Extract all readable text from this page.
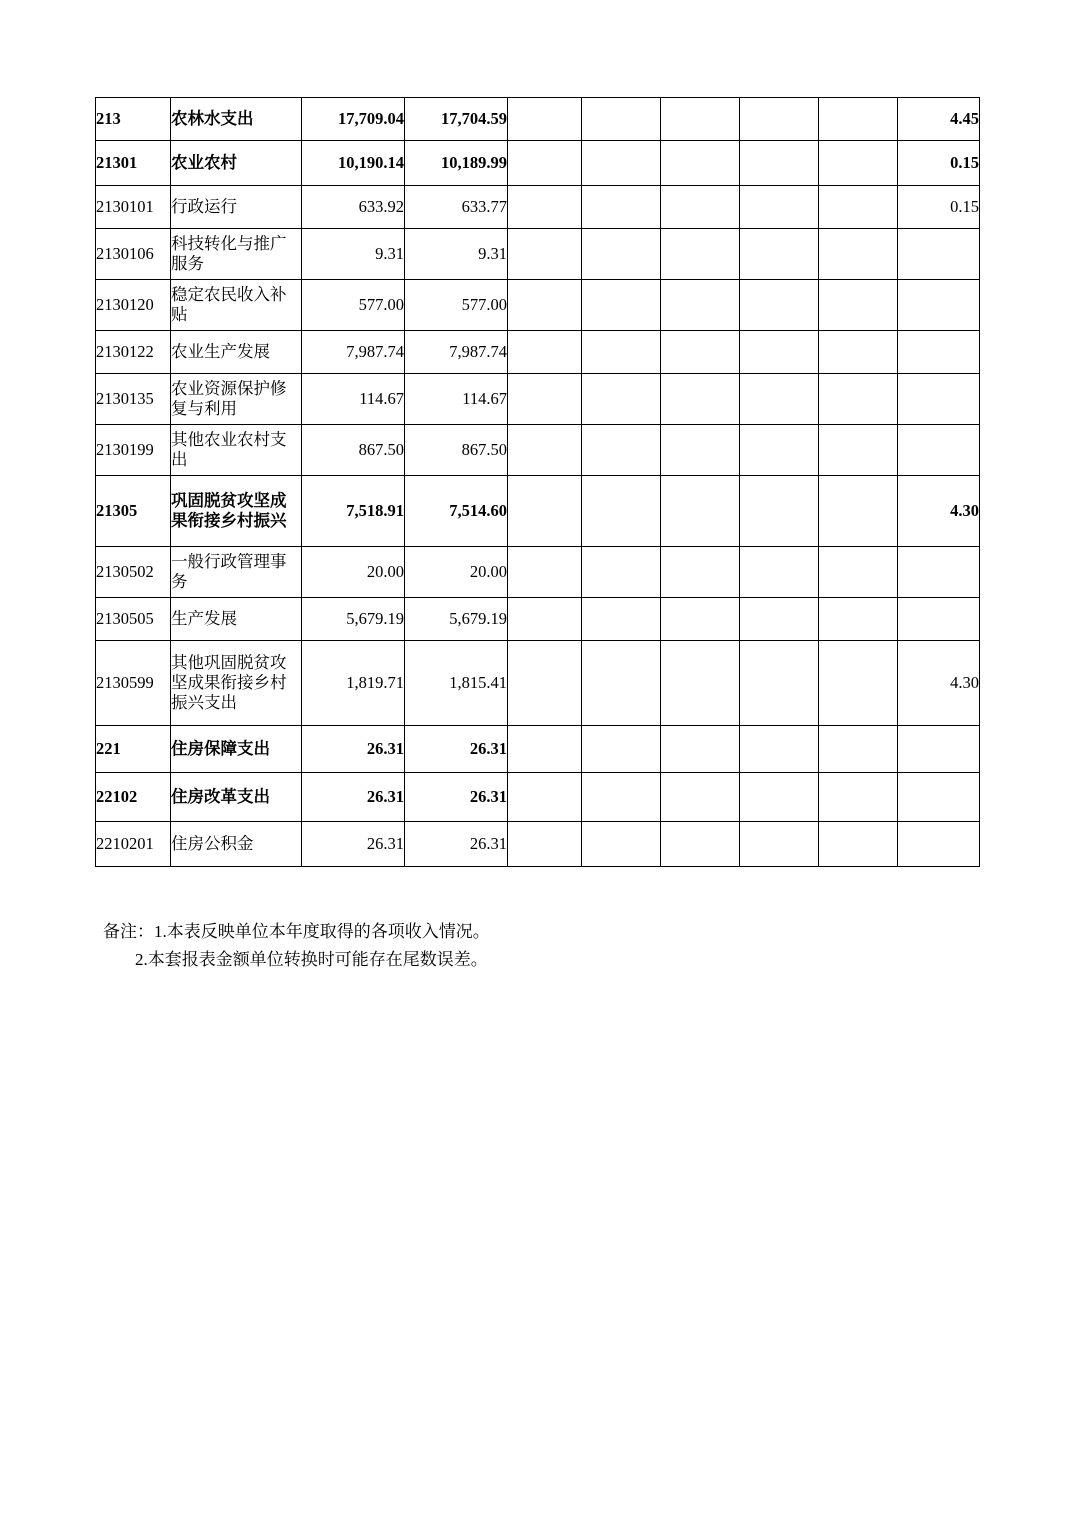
213	农林水支出	17,709.04	17,704.59						4.45
21301	农业农村	10,190.14	10,189.99						0.15
2130101	行政运行	633.92	633.77						0.15
2130106	科技转化与推广服务	9.31	9.31						
2130120	稳定农民收入补贴	577.00	577.00						
2130122	农业生产发展	7,987.74	7,987.74						
2130135	农业资源保护修复与利用	114.67	114.67						
2130199	其他农业农村支出	867.50	867.50						
21305	巩固脱贫攻坚成果衔接乡村振兴	7,518.91	7,514.60						4.30
2130502	一般行政管理事务	20.00	20.00						
2130505	生产发展	5,679.19	5,679.19						
2130599	其他巩固脱贫攻坚成果衔接乡村振兴支出	1,819.71	1,815.41						4.30
221	住房保障支出	26.31	26.31						
22102	住房改革支出	26.31	26.31						
2210201	住房公积金	26.31	26.31						
备注：1.本表反映单位本年度取得的各项收入情况。
2.本套报表金额单位转换时可能存在尾数误差。
